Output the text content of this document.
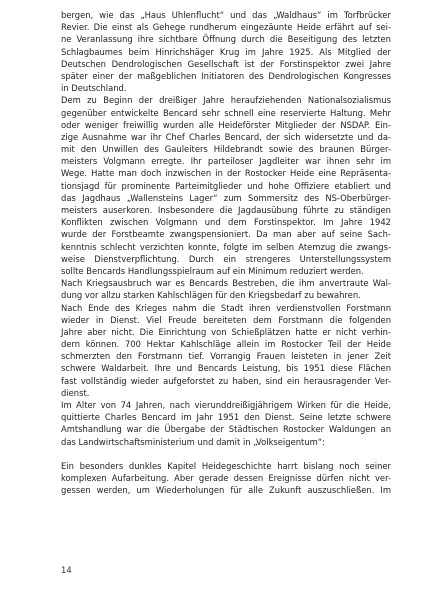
bergen, wie das „Haus Uhlenflucht“ und das „Waldhaus“ im Torfbrücker
Revier. Die einst als Gehege rundherum eingezäunte Heide erfährt auf sei-
ne Veranlassung ihre sichtbare Öffnung durch die Beseitigung des letzten
Schlagbaumes beim Hinrichshäger Krug im Jahre 1925. Als Mitglied der
Deutschen Dendrologischen Gesellschaft ist der Forstinspektor zwei Jahre
später einer der maßgeblichen Initiatoren des Dendrologischen Kongresses
in Deutschland.
Dem zu Beginn der dreißiger Jahre heraufziehenden Nationalsozialismus
gegenüber entwickelte Bencard sehr schnell eine reservierte Haltung. Mehr
oder weniger freiwillig wurden alle Heideförster Mitglieder der NSDAP. Ein-
zige Ausnahme war ihr Chef Charles Bencard, der sich widersetzte und da-
mit den Unwillen des Gauleiters Hildebrandt sowie des braunen Bürger-
meisters Volgmann erregte. Ihr parteiloser Jagdleiter war ihnen sehr im
Wege. Hatte man doch inzwischen in der Rostocker Heide eine Repräsenta-
tionsjagd für prominente Parteimitglieder und hohe Offiziere etabliert und
das Jagdhaus „Wallensteins Lager“ zum Sommersitz des NS-Oberbürger-
meisters auserkoren. Insbesondere die Jagdausübung führte zu ständigen
Konflikten zwischen Volgmann und dem Forstinspektor. Im Jahre 1942
wurde der Forstbeamte zwangspensioniert. Da man aber auf seine Sach-
kenntnis schlecht verzichten konnte, folgte im selben Atemzug die zwangs-
weise Dienstverpflichtung. Durch ein strengeres Unterstellungssystem
sollte Bencards Handlungsspielraum auf ein Minimum reduziert werden.
Nach Kriegsausbruch war es Bencards Bestreben, die ihm anvertraute Wal-
dung vor allzu starken Kahlschlägen für den Kriegsbedarf zu bewahren.
Nach Ende des Krieges nahm die Stadt ihren verdienstvollen Forstmann
wieder in Dienst. Viel Freude bereiteten dem Forstmann die folgenden
Jahre aber nicht. Die Einrichtung von Schießplätzen hatte er nicht verhin-
dern können. 700 Hektar Kahlschläge allein im Rostocker Teil der Heide
schmerzten den Forstmann tief. Vorrangig Frauen leisteten in jener Zeit
schwere Waldarbeit. Ihre und Bencards Leistung, bis 1951 diese Flächen
fast vollständig wieder aufgeforstet zu haben, sind ein herausragender Ver-
dienst.
Im Alter von 74 Jahren, nach vierunddreißigjährigem Wirken für die Heide,
quittierte Charles Bencard im Jahr 1951 den Dienst. Seine letzte schwere
Amtshandlung war die Übergabe der Städtischen Rostocker Waldungen an
das Landwirtschaftsministerium und damit in „Volkseigentum“:
Ein besonders dunkles Kapitel Heidegeschichte harrt bislang noch seiner
komplexen Aufarbeitung. Aber gerade dessen Ereignisse dürfen nicht ver-
gessen werden, um Wiederholungen für alle Zukunft auszuschließen. Im
14
